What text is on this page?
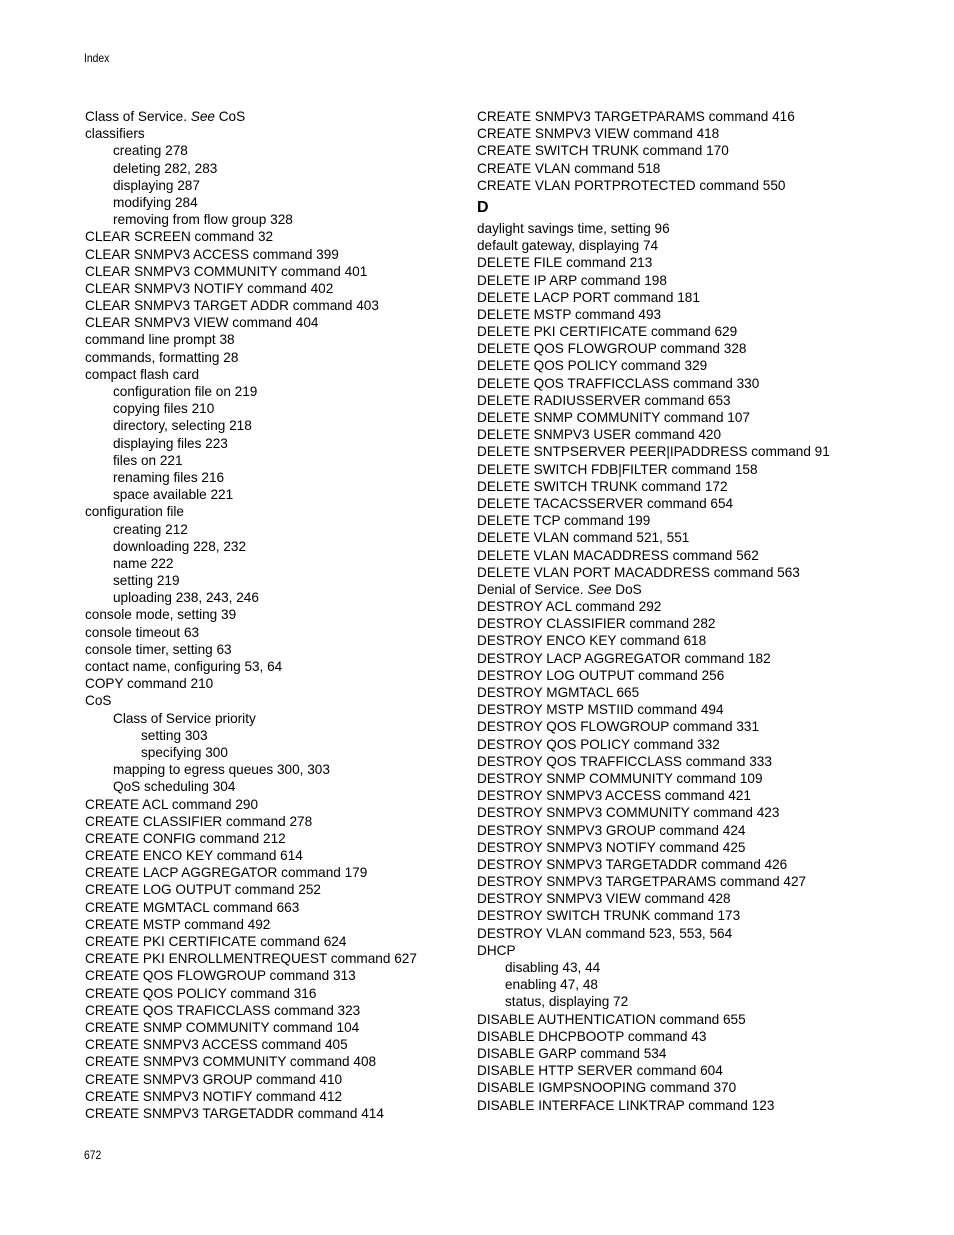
Index
Class of Service. See CoS
classifiers
creating 278
deleting 282, 283
displaying 287
modifying 284
removing from flow group 328
CLEAR SCREEN command 32
CLEAR SNMPV3 ACCESS command 399
CLEAR SNMPV3 COMMUNITY command 401
CLEAR SNMPV3 NOTIFY command 402
CLEAR SNMPV3 TARGET ADDR command 403
CLEAR SNMPV3 VIEW command 404
command line prompt 38
commands, formatting 28
compact flash card
configuration file on 219
copying files 210
directory, selecting 218
displaying files 223
files on 221
renaming files 216
space available 221
configuration file
creating 212
downloading 228, 232
name 222
setting 219
uploading 238, 243, 246
console mode, setting 39
console timeout 63
console timer, setting 63
contact name, configuring 53, 64
COPY command 210
CoS
Class of Service priority
setting 303
specifying 300
mapping to egress queues 300, 303
QoS scheduling 304
CREATE ACL command 290
CREATE CLASSIFIER command 278
CREATE CONFIG command 212
CREATE ENCO KEY command 614
CREATE LACP AGGREGATOR command 179
CREATE LOG OUTPUT command 252
CREATE MGMTACL command 663
CREATE MSTP command 492
CREATE PKI CERTIFICATE command 624
CREATE PKI ENROLLMENTREQUEST command 627
CREATE QOS FLOWGROUP command 313
CREATE QOS POLICY command 316
CREATE QOS TRAFICCLASS command 323
CREATE SNMP COMMUNITY command 104
CREATE SNMPV3 ACCESS command 405
CREATE SNMPV3 COMMUNITY command 408
CREATE SNMPV3 GROUP command 410
CREATE SNMPV3 NOTIFY command 412
CREATE SNMPV3 TARGETADDR command 414
CREATE SNMPV3 TARGETPARAMS command 416
CREATE SNMPV3 VIEW command 418
CREATE SWITCH TRUNK command 170
CREATE VLAN command 518
CREATE VLAN PORTPROTECTED command 550
D
daylight savings time, setting 96
default gateway, displaying 74
DELETE FILE command 213
DELETE IP ARP command 198
DELETE LACP PORT command 181
DELETE MSTP command 493
DELETE PKI CERTIFICATE command 629
DELETE QOS FLOWGROUP command 328
DELETE QOS POLICY command 329
DELETE QOS TRAFFICCLASS command 330
DELETE RADIUSSERVER command 653
DELETE SNMP COMMUNITY command 107
DELETE SNMPV3 USER command 420
DELETE SNTPSERVER PEER|IPADDRESS command 91
DELETE SWITCH FDB|FILTER command 158
DELETE SWITCH TRUNK command 172
DELETE TACACSSERVER command 654
DELETE TCP command 199
DELETE VLAN command 521, 551
DELETE VLAN MACADDRESS command 562
DELETE VLAN PORT MACADDRESS command 563
Denial of Service. See DoS
DESTROY ACL command 292
DESTROY CLASSIFIER command 282
DESTROY ENCO KEY command 618
DESTROY LACP AGGREGATOR command 182
DESTROY LOG OUTPUT command 256
DESTROY MGMTACL 665
DESTROY MSTP MSTIID command 494
DESTROY QOS FLOWGROUP command 331
DESTROY QOS POLICY command 332
DESTROY QOS TRAFFICCLASS command 333
DESTROY SNMP COMMUNITY command 109
DESTROY SNMPV3 ACCESS command 421
DESTROY SNMPV3 COMMUNITY command 423
DESTROY SNMPV3 GROUP command 424
DESTROY SNMPV3 NOTIFY command 425
DESTROY SNMPV3 TARGETADDR command 426
DESTROY SNMPV3 TARGETPARAMS command 427
DESTROY SNMPV3 VIEW command 428
DESTROY SWITCH TRUNK command 173
DESTROY VLAN command 523, 553, 564
DHCP
disabling 43, 44
enabling 47, 48
status, displaying 72
DISABLE AUTHENTICATION command 655
DISABLE DHCPBOOTP command 43
DISABLE GARP command 534
DISABLE HTTP SERVER command 604
DISABLE IGMPSNOOPING command 370
DISABLE INTERFACE LINKTRAP command 123
672
